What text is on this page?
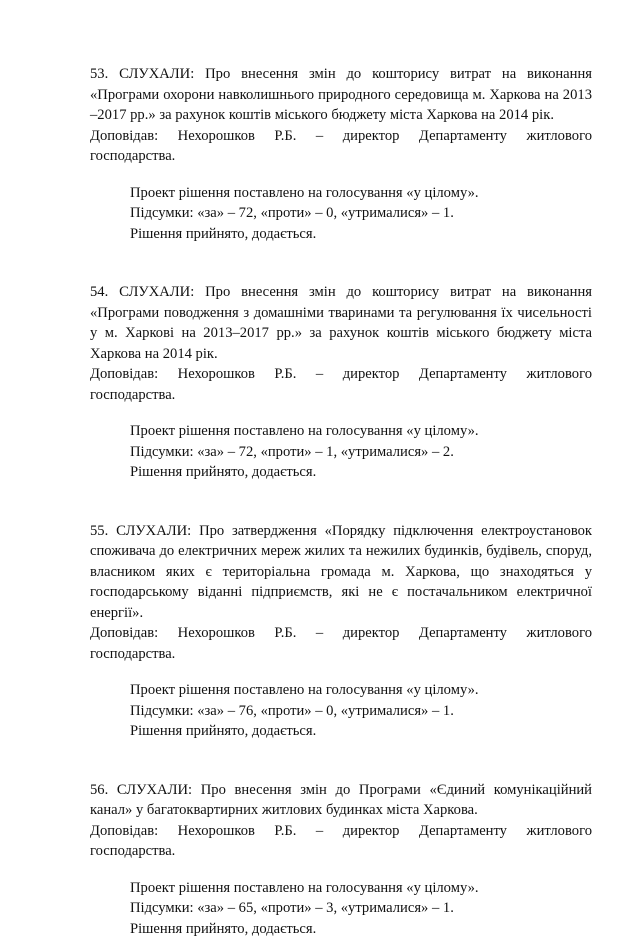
53. СЛУХАЛИ: Про внесення змін до кошторису витрат на виконання «Програми охорони навколишнього природного середовища м. Харкова на 2013 –2017 рр.» за рахунок коштів міського бюджету міста Харкова на 2014 рік.

Доповідав: Нехорошков Р.Б. – директор Департаменту житлового
господарства.

Проект рішення поставлено на голосування «у цілому».

Підсумки: «за» – 72, «проти» – 0, «утрималися» – 1.

Рішення прийнято, додається.

54. СЛУХАЛИ: Про внесення змін до кошторису витрат на виконання «Програми поводження з домашніми тваринами та регулювання їх чисельності у м. Харкові на 2013–2017 рр.» за рахунок коштів міського бюджету міста Харкова на 2014 рік.

Доповідав: Нехорошков Р.Б. – директор Департаменту житлового
господарства.

Проект рішення поставлено на голосування «у цілому».

Підсумки: «за» – 72, «проти» – 1, «утрималися» – 2.

Рішення прийнято, додається.

55. СЛУХАЛИ: Про затвердження «Порядку підключення електроустановок споживача до електричних мереж жилих та нежилих будинків, будівель, споруд, власником яких є територіальна громада м. Харкова, що знаходяться у господарському віданні підприємств, які не є постачальником електричної енергії».

Доповідав: Нехорошков Р.Б. – директор Департаменту житлового
господарства.

Проект рішення поставлено на голосування «у цілому».

Підсумки: «за» – 76, «проти» – 0, «утрималися» – 1.

Рішення прийнято, додається.

56. СЛУХАЛИ: Про внесення змін до Програми «Єдиний комунікаційний канал» у багатоквартирних житлових будинках міста Харкова.

Доповідав: Нехорошков Р.Б. – директор Департаменту житлового
господарства.

Проект рішення поставлено на голосування «у цілому».

Підсумки: «за» – 65, «проти» – 3, «утрималися» – 1.

Рішення прийнято, додається.
